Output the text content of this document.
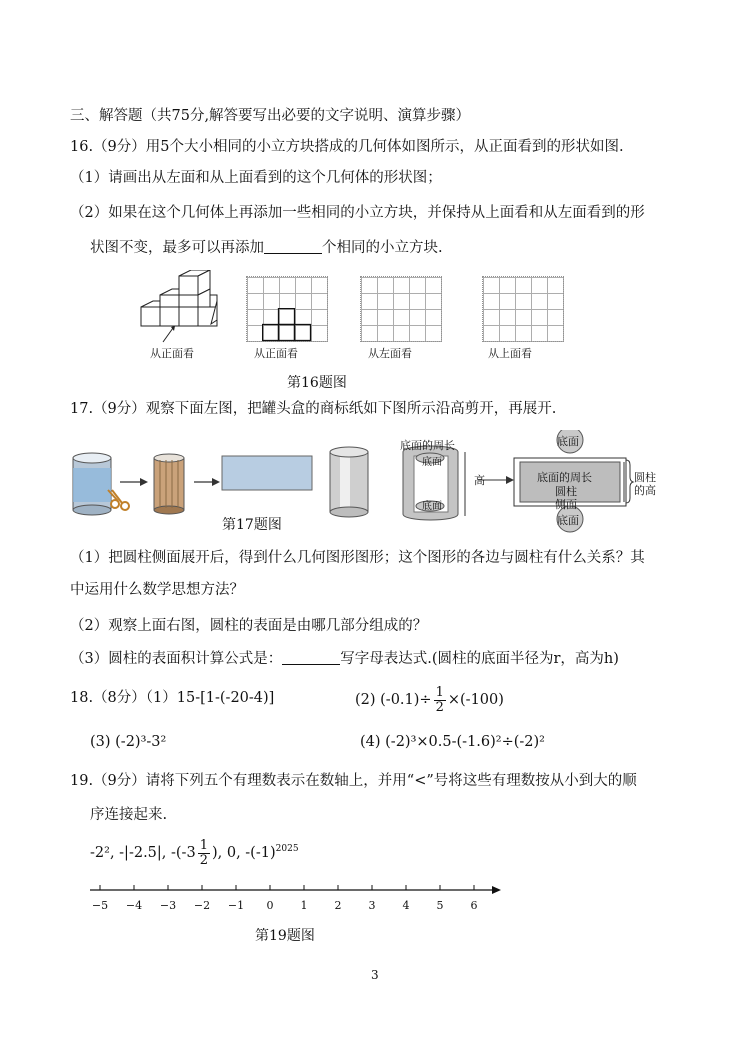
三、解答题（共75分,解答要写出必要的文字说明、演算步骤）
16.（9分）用5个大小相同的小立方块搭成的几何体如图所示，从正面看到的形状如图.
（1）请画出从左面和从上面看到的这个几何体的形状图；
（2）如果在这个几何体上再添加一些相同的小立方块，并保持从上面看和从左面看到的形
状图不变，最多可以再添加	个相同的小立方块.
从正面看	从正面看	从左面看	从上面看
第16题图
17.（9分）观察下面左图，把罐头盒的商标纸如下图所示沿高剪开，再展开.
底面的周长
底面
底面
高
底面
底面的周长
圆柱
侧面
底面
圆柱
的高
第17题图
（1）把圆柱侧面展开后，得到什么几何图形图形；这个图形的各边与圆柱有什么关系？其
中运用什么数学思想方法？
（2）观察上面右图，圆柱的表面是由哪几部分组成的？
（3）圆柱的表面积计算公式是：	写字母表达式.(圆柱的底面半径为r，高为h)
18.（8分）（1）15-[1-(-20-4)]	(2) $(-0.1)\div \frac{1}{2} \times(-100)$
(3) (-2)³-3²	(4) (-2)³×0.5-(-1.6)²÷(-2)²
19.（9分）请将下列五个有理数表示在数轴上，并用“<”号将这些有理数按从小到大的顺
序连接起来.
-2², -|-2.5|, $-(-3 \frac{1}{2}$ ), 0, $-(-1)^{2025}$
−5 −4 −3 −2 −1 0 1 2 3 4 5 6
第19题图
3
